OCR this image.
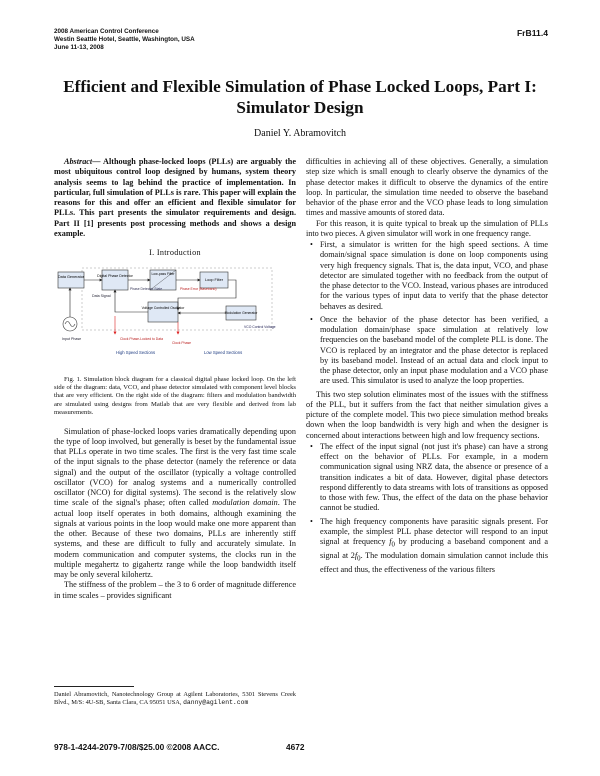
2008 American Control Conference
Westin Seattle Hotel, Seattle, Washington, USA
June 11-13, 2008
FrB11.4
Efficient and Flexible Simulation of Phase Locked Loops, Part I:
Simulator Design
Daniel Y. Abramovitch

Abstract— Although phase-locked loops (PLLs) are arguably the most ubiquitous control loop designed by humans, system theory analysis seems to lag behind the practice of implementation. In particular, full simulation of PLLs is rare. This paper will explain the reasons for this and offer an efficient and flexible simulator for PLLs. This part presents the simulator requirements and design. Part II [1] presents post processing methods and shows a design example.

I. Introduction
Data Generator	Digital Phase Detector	Low-pass Filter
Loop Filter
Voltage Controlled Oscillator
Modulation Generator
Data Signal
Input Phase
Phase Detector State	Phase Error (Baseband)
Clock Phase-Locked to Data
Clock Phase
VCO Control Voltage
High Speed Sections	Low Speed Sections

Fig. 1. Simulation block diagram for a classical digital phase locked loop. On the left side of the diagram: data, VCO, and phase detector simulated with component level blocks that are very efficient. On the right side of the diagram: filters and modulation bandwidth are simulated using designs from Matlab that are very flexible and derived from lab measurements.

Simulation of phase-locked loops varies dramatically depending upon the type of loop involved, but generally is beset by the fundamental issue that PLLs operate in two time scales. The first is the very fast time scale of the input signals to the phase detector (namely the reference or data signal) and the output of the oscillator (typically a voltage controlled oscillator (VCO) for analog systems and a numerically controlled oscillator (NCO) for digital systems). The second is the relatively slow time scale of the signal's phase; often called modulation domain. The actual loop itself operates in both domains, although examining the signals at various points in the loop would make one more apparent than the other. Because of these two domains, PLLs are inherently stiff systems, and these are difficult to fully and accurately simulate. In modern communication and computer systems, the clocks run in the multiple megahertz to gigahertz range while the loop bandwidth itself may be only several kilohertz.

The stiffness of the problem – the 3 to 6 order of magnitude difference in time scales – provides significant

Daniel Abramovitch, Nanotechnology Group at Agilent Laboratories, 5301 Stevens Creek Blvd., M/S: 4U-SB, Santa Clara, CA 95051 USA, danny@agilent.com

difficulties in achieving all of these objectives. Generally, a simulation step size which is small enough to clearly observe the dynamics of the phase detector makes it difficult to observe the dynamics of the entire loop. In particular, the simulation time needed to observe the baseband behavior of the phase error and the VCO phase leads to long simulation times and massive amounts of stored data.

For this reason, it is quite typical to break up the simulation of PLLs into two pieces. A given simulator will work in one frequency range.

• First, a simulator is written for the high speed sections. A time domain/signal space simulation is done on loop components using very high frequency signals. That is, the data input, VCO, and phase detector are simulated together with no feedback from the output of the phase detector to the VCO. Instead, various phases are introduced for the various types of input data to verify that the phase detector behaves as desired.
• Once the behavior of the phase detector has been verified, a modulation domain/phase space simulation at relatively low frequencies on the baseband model of the complete PLL is done. The VCO is replaced by an integrator and the phase detector is replaced by its baseband model. Instead of an actual data and clock input to the phase detector, only an input phase modulation and a VCO phase are used. This simulator is used to analyze the loop properties.

This two step solution eliminates most of the issues with the stiffness of the PLL, but it suffers from the fact that neither simulation gives a picture of the complete model. This two piece simulation method breaks down when the loop bandwidth is very high and when the designer is concerned about interactions between high and low frequency sections.

• The effect of the input signal (not just it's phase) can have a strong effect on the behavior of PLLs. For example, in a modern communication signal using NRZ data, the absence or presence of a transition indicates a bit of data. However, digital phase detectors respond differently to data streams with lots of transitions as opposed to those with few. Thus, the effect of the data on the phase behavior cannot be studied.
• The high frequency components have parasitic signals present. For example, the simplest PLL phase detector will respond to an input signal at frequency $f_0$ by producing a baseband component and a signal at $2f_0$. The modulation domain simulation cannot include this effect and thus, the effectiveness of the various filters
978-1-4244-2079-7/08/$25.00 ©2008 AACC.	4672
